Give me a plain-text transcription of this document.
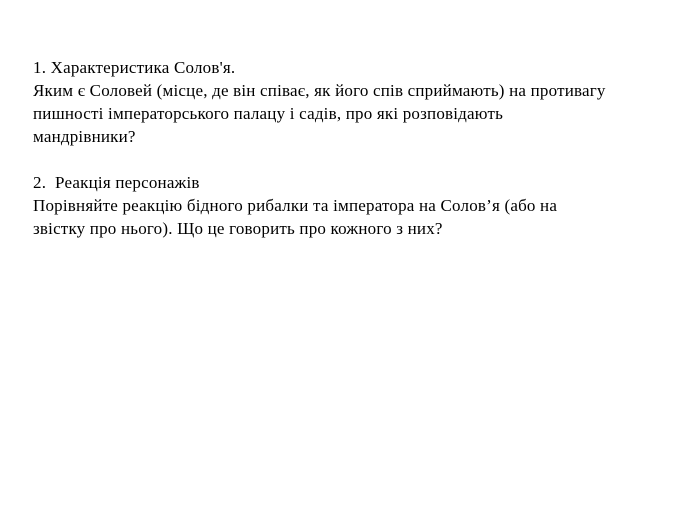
1. Характеристика Солов'я.
Яким є Соловей (місце, де він співає, як його спів сприймають) на противагу
пишності імператорського палацу і садів, про які розповідають
мандрівники?
2.  Реакція персонажів
Порівняйте реакцію бідного рибалки та імператора на Солов’я (або на
звістку про нього). Що це говорить про кожного з них?
